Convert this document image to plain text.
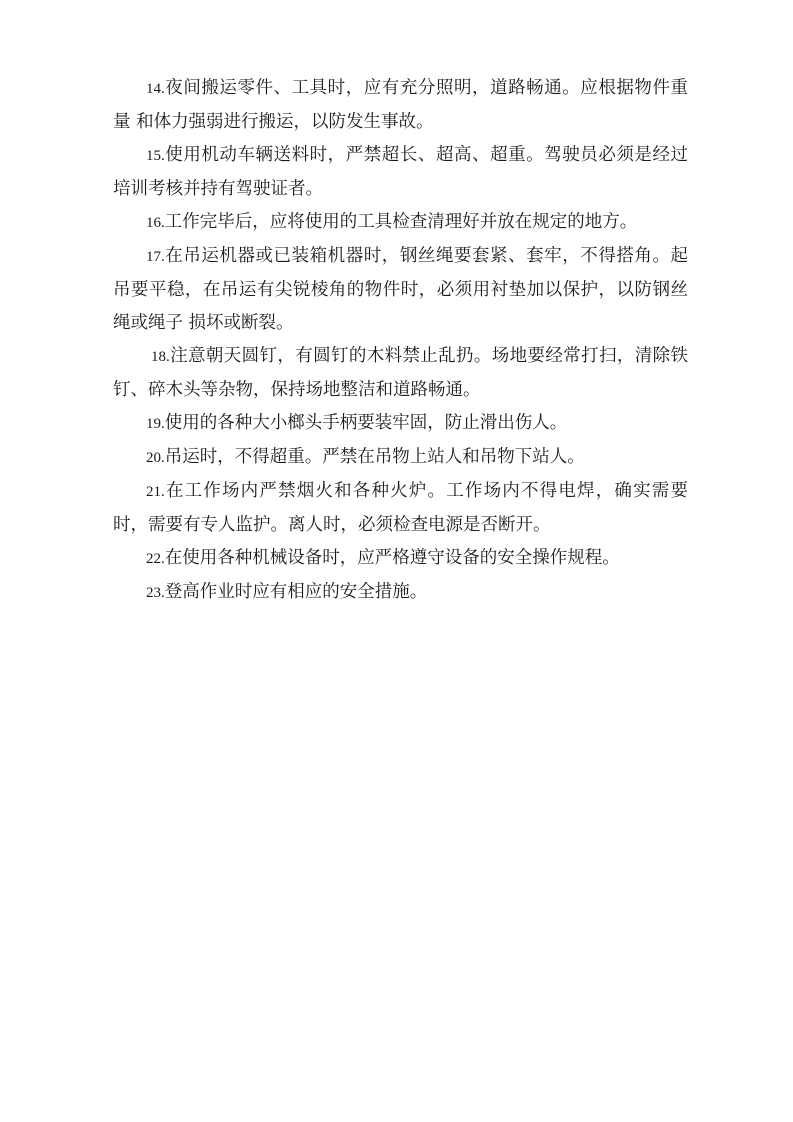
14.夜间搬运零件、工具时，应有充分照明，道路畅通。应根据物件重量 和体力强弱进行搬运，以防发生事故。

15.使用机动车辆送料时，严禁超长、超高、超重。驾驶员必须是经过培训考核并持有驾驶证者。

16.工作完毕后，应将使用的工具检查清理好并放在规定的地方。

17.在吊运机器或已装箱机器时，钢丝绳要套紧、套牢，不得搭角。起吊要平稳，在吊运有尖锐棱角的物件时，必须用衬垫加以保护，以防钢丝绳或绳子 损坏或断裂。

18.注意朝天圆钉，有圆钉的木料禁止乱扔。场地要经常打扫，清除铁钉、碎木头等杂物，保持场地整洁和道路畅通。

19.使用的各种大小榔头手柄要装牢固，防止滑出伤人。

20.吊运时，不得超重。严禁在吊物上站人和吊物下站人。

21.在工作场内严禁烟火和各种火炉。工作场内不得电焊，确实需要 时，需要有专人监护。离人时，必须检查电源是否断开。

22.在使用各种机械设备时，应严格遵守设备的安全操作规程。

23.登高作业时应有相应的安全措施。
